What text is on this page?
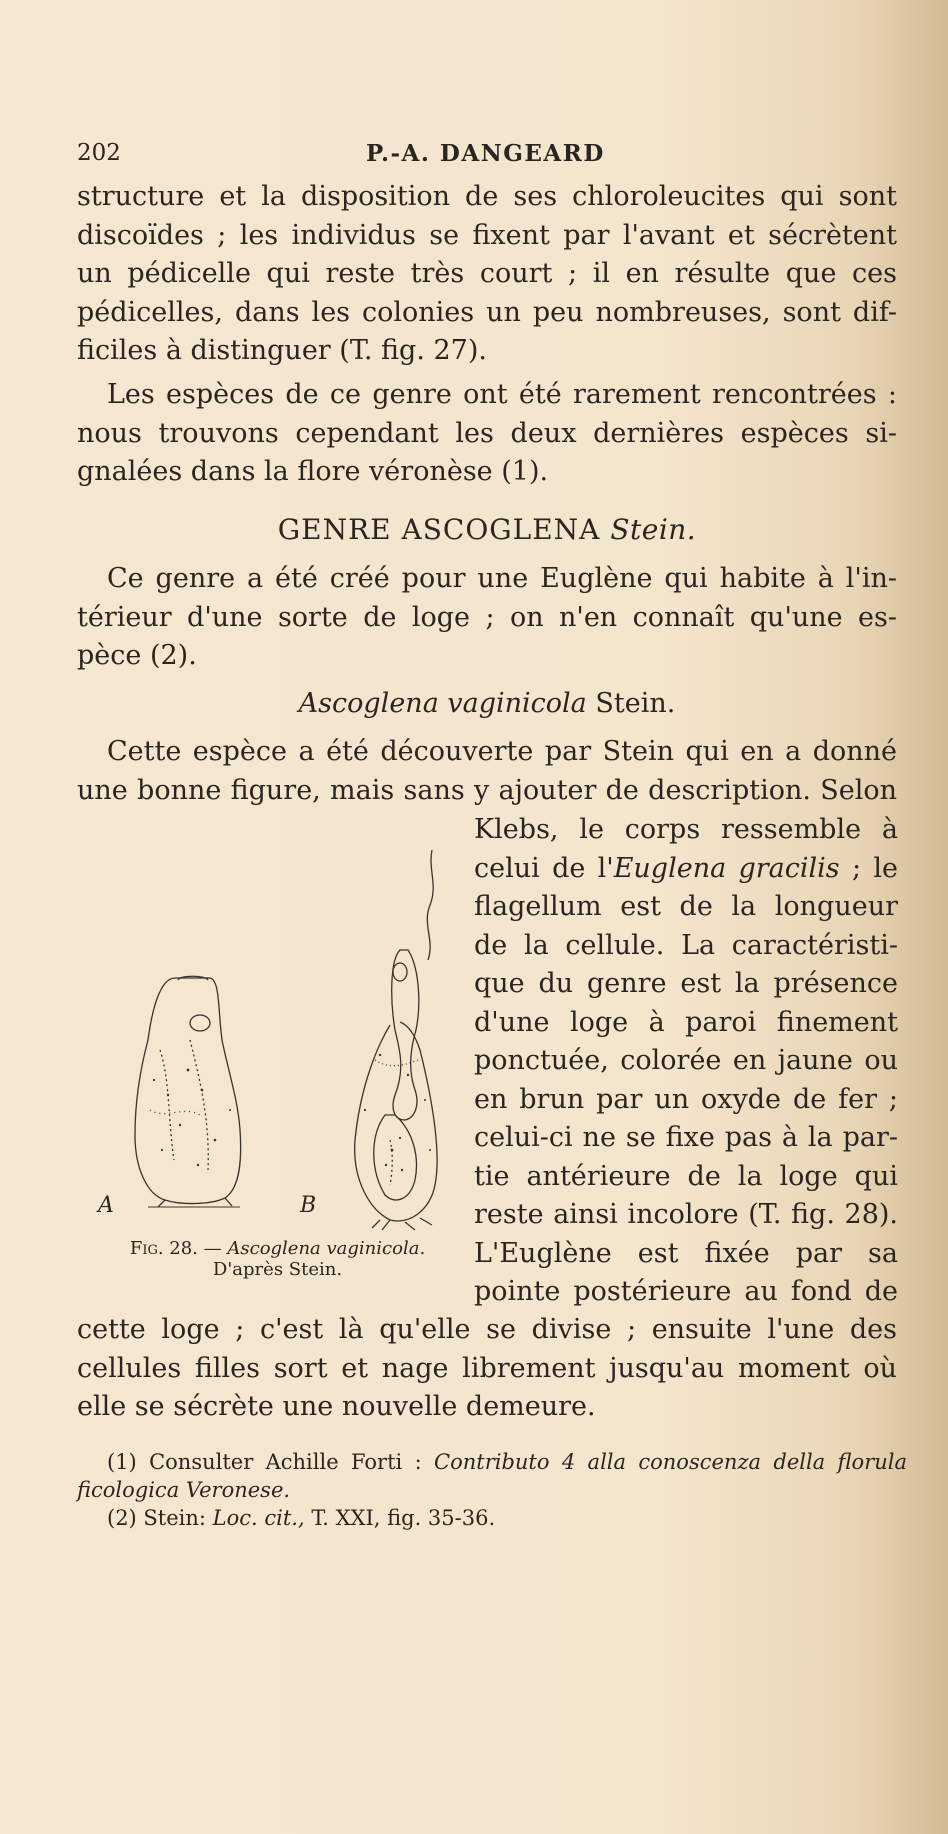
202	P.-A. DANGEARD
structure et la disposition de ses chloroleucites qui sont
discoïdes ; les individus se fixent par l'avant et sécrètent
un pédicelle qui reste très court ; il en résulte que ces
pédicelles, dans les colonies un peu nombreuses, sont dif-
ficiles à distinguer (T. fig. 27).
Les espèces de ce genre ont été rarement rencontrées :
nous trouvons cependant les deux dernières espèces si-
gnalées dans la flore véronèse (1).
GENRE ASCOGLENA Stein.
Ce genre a été créé pour une Euglène qui habite à l'in-
térieur d'une sorte de loge ; on n'en connaît qu'une es-
pèce (2).
Ascoglena vaginicola Stein.
Cette espèce a été découverte par Stein qui en a donné
une bonne figure, mais sans y ajouter de description. Selon
Klebs, le corps ressemble à
celui de l'Euglena gracilis ; le
flagellum est de la longueur
de la cellule. La caractéristi-
que du genre est la présence
d'une loge à paroi finement
ponctuée, colorée en jaune ou
en brun par un oxyde de fer ;
celui-ci ne se fixe pas à la par-
tie antérieure de la loge qui
reste ainsi incolore (T. fig. 28).
L'Euglène est fixée par sa
pointe postérieure au fond de
A	B
Fig. 28. — Ascoglena vaginicola.
D'après Stein.
cette loge ; c'est là qu'elle se divise ; ensuite l'une des
cellules filles sort et nage librement jusqu'au moment où
elle se sécrète une nouvelle demeure.
(1) Consulter Achille Forti : Contributo 4 alla conoscenza della florula
ficologica Veronese.
(2) Stein: Loc. cit., T. XXI, fig. 35-36.
